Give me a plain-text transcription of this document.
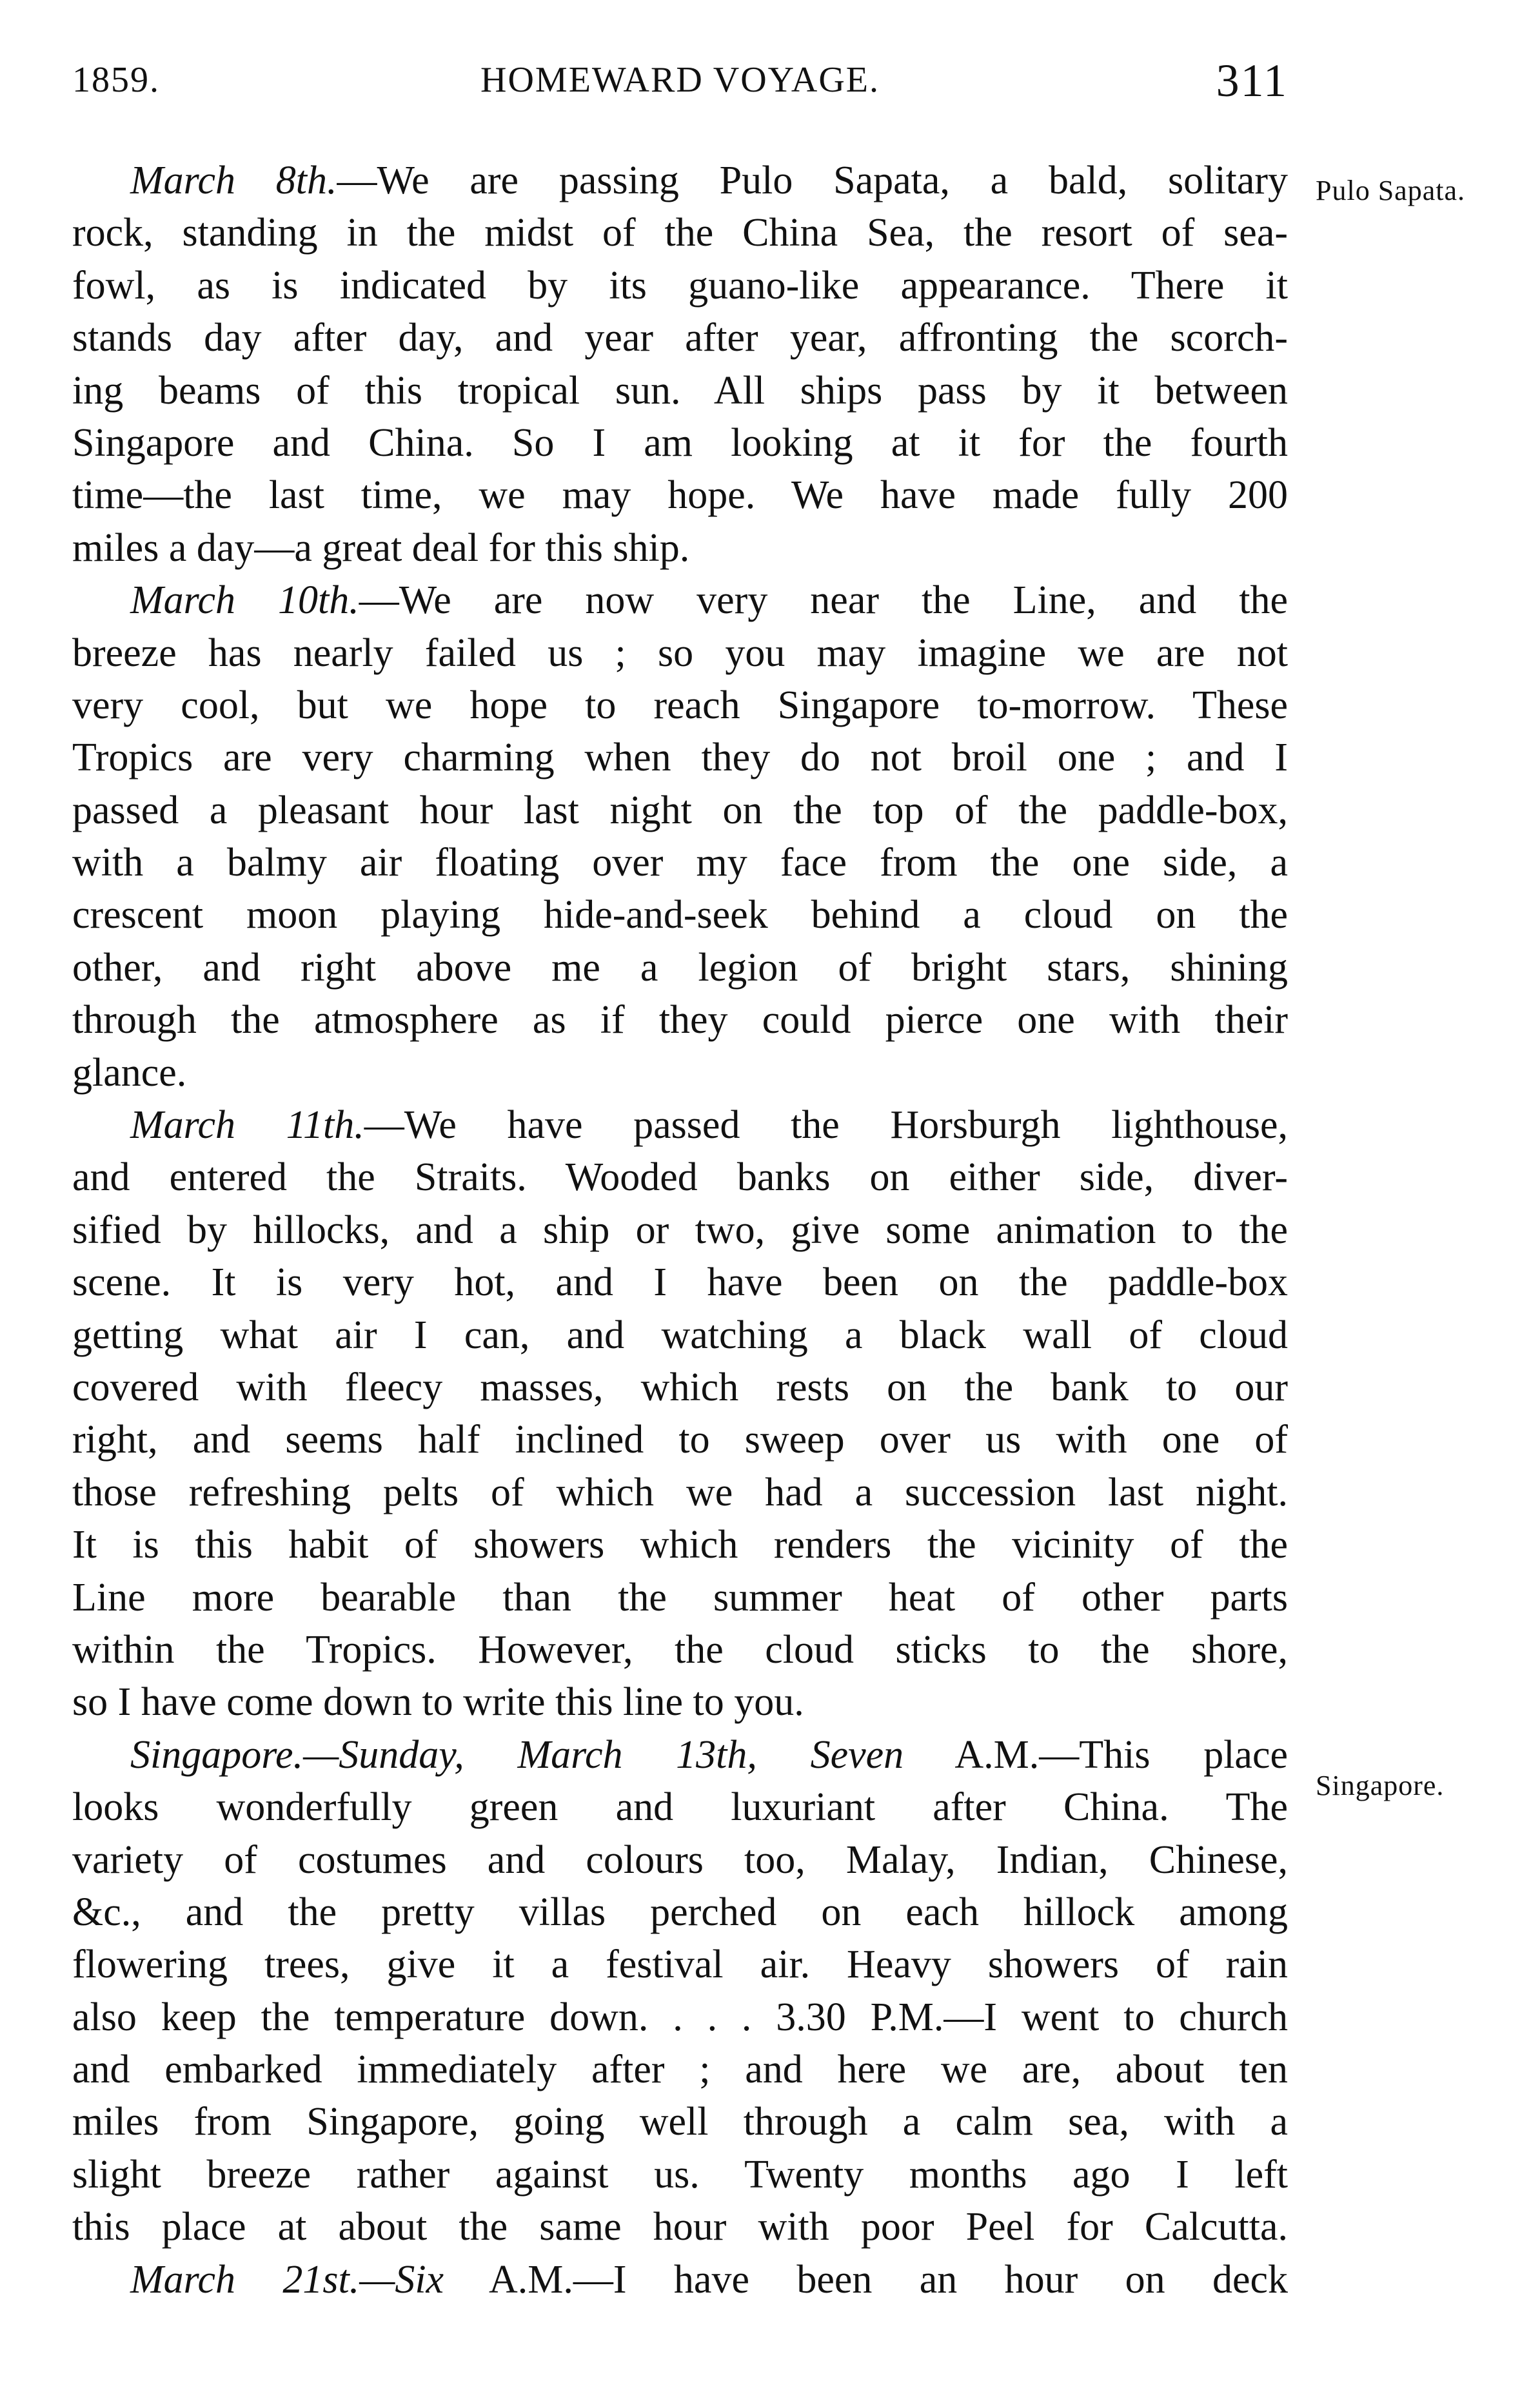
1859.	HOMEWARD VOYAGE.	311
Pulo Sapata.
Singapore.
March 8th.—We are passing Pulo Sapata, a bald, solitary
rock, standing in the midst of the China Sea, the resort of sea-
fowl, as is indicated by its guano-like appearance. There it
stands day after day, and year after year, affronting the scorch-
ing beams of this tropical sun. All ships pass by it between
Singapore and China. So I am looking at it for the fourth
time—the last time, we may hope. We have made fully 200
miles a day—a great deal for this ship.
March 10th.—We are now very near the Line, and the
breeze has nearly failed us ; so you may imagine we are not
very cool, but we hope to reach Singapore to-morrow. These
Tropics are very charming when they do not broil one ; and I
passed a pleasant hour last night on the top of the paddle-box,
with a balmy air floating over my face from the one side, a
crescent moon playing hide-and-seek behind a cloud on the
other, and right above me a legion of bright stars, shining
through the atmosphere as if they could pierce one with their
glance.
March 11th.—We have passed the Horsburgh lighthouse,
and entered the Straits. Wooded banks on either side, diver-
sified by hillocks, and a ship or two, give some animation to the
scene. It is very hot, and I have been on the paddle-box
getting what air I can, and watching a black wall of cloud
covered with fleecy masses, which rests on the bank to our
right, and seems half inclined to sweep over us with one of
those refreshing pelts of which we had a succession last night.
It is this habit of showers which renders the vicinity of the
Line more bearable than the summer heat of other parts
within the Tropics. However, the cloud sticks to the shore,
so I have come down to write this line to you.
Singapore.—Sunday, March 13th, Seven A.M.—This place
looks wonderfully green and luxuriant after China. The
variety of costumes and colours too, Malay, Indian, Chinese,
&c., and the pretty villas perched on each hillock among
flowering trees, give it a festival air. Heavy showers of rain
also keep the temperature down. . . . 3.30 P.M.—I went to church
and embarked immediately after ; and here we are, about ten
miles from Singapore, going well through a calm sea, with a
slight breeze rather against us. Twenty months ago I left
this place at about the same hour with poor Peel for Calcutta.
March 21st.—Six A.M.—I have been an hour on deck
